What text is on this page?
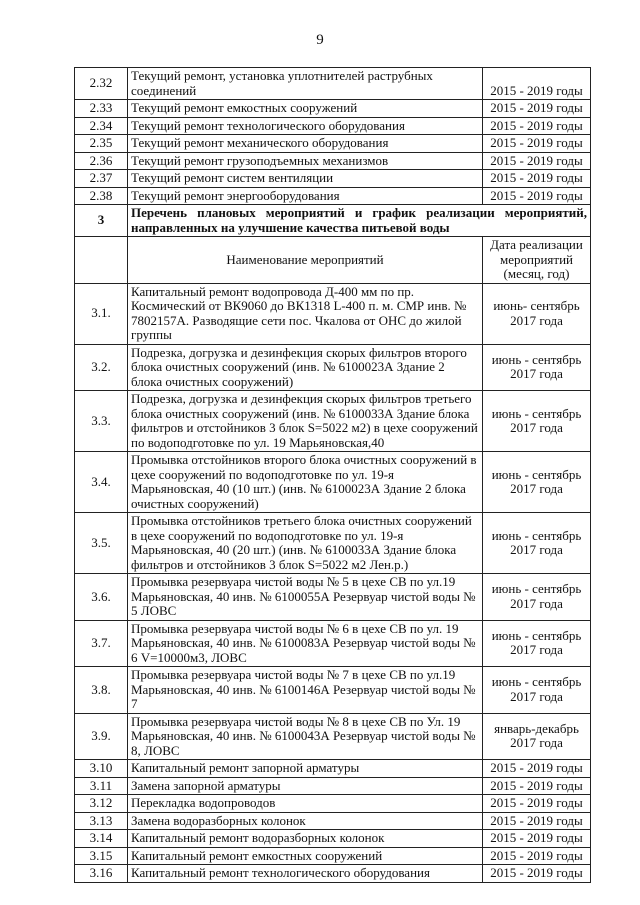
9
2.32	Текущий ремонт, установка уплотнителей раструбных соединений	2015 - 2019 годы
2.33	Текущий ремонт емкостных сооружений	2015 - 2019 годы
2.34	Текущий ремонт технологического оборудования	2015 - 2019 годы
2.35	Текущий ремонт механического оборудования	2015 - 2019 годы
2.36	Текущий ремонт грузоподъемных механизмов	2015 - 2019 годы
2.37	Текущий ремонт систем вентиляции	2015 - 2019 годы
2.38	Текущий ремонт энергооборудования	2015 - 2019 годы
3	Перечень плановых мероприятий и график реализации мероприятий, направленных на улучшение качества питьевой воды	
	Наименование мероприятий	Дата реализации мероприятий (месяц, год)
3.1.	Капитальный ремонт водопровода Д-400 мм по пр. Космический от ВК9060 до ВК1318 L-400 п. м. СМР инв. № 7802157А. Разводящие сети пос. Чкалова от ОНС до жилой группы	июнь- сентябрь 2017 года
3.2.	Подрезка, догрузка и дезинфекция скорых фильтров второго блока очистных сооружений (инв. № 6100023А Здание 2 блока очистных сооружений)	июнь - сентябрь 2017 года
3.3.	Подрезка, догрузка и дезинфекция скорых фильтров третьего блока очистных сооружений (инв. № 6100033А Здание блока фильтров и отстойников 3 блок S=5022 м2) в цехе сооружений по водоподготовке по ул. 19 Марьяновская,40	июнь - сентябрь 2017 года
3.4.	Промывка отстойников второго блока очистных сооружений в цехе сооружений по водоподготовке по ул. 19-я Марьяновская, 40 (10 шт.) (инв. № 6100023А Здание 2 блока очистных сооружений)	июнь - сентябрь 2017 года
3.5.	Промывка отстойников третьего блока очистных сооружений в цехе сооружений по водоподготовке по ул. 19-я Марьяновская, 40 (20 шт.) (инв. № 6100033А Здание блока фильтров и отстойников 3 блок S=5022 м2 Лен.р.)	июнь - сентябрь 2017 года
3.6.	Промывка резервуара чистой воды № 5 в цехе СВ по ул.19 Марьяновская, 40 инв. № 6100055А Резервуар чистой воды № 5 ЛОВС	июнь - сентябрь 2017 года
3.7.	Промывка резервуара чистой воды № 6 в цехе СВ по ул. 19 Марьяновская, 40 инв. № 6100083А Резервуар чистой воды № 6 V=10000м3, ЛОВС	июнь - сентябрь 2017 года
3.8.	Промывка резервуара чистой воды № 7 в цехе СВ по ул.19 Марьяновская, 40 инв. № 6100146А Резервуар чистой воды № 7	июнь - сентябрь 2017 года
3.9.	Промывка резервуара чистой воды № 8 в цехе СВ по Ул. 19 Марьяновская, 40 инв. № 6100043А Резервуар чистой воды № 8, ЛОВС	январь-декабрь 2017 года
3.10	Капитальный ремонт запорной арматуры	2015 - 2019 годы
3.11	Замена запорной арматуры	2015 - 2019 годы
3.12	Перекладка водопроводов	2015 - 2019 годы
3.13	Замена водоразборных колонок	2015 - 2019 годы
3.14	Капитальный ремонт водоразборных колонок	2015 - 2019 годы
3.15	Капитальный ремонт емкостных сооружений	2015 - 2019 годы
3.16	Капитальный ремонт технологического оборудования	2015 - 2019 годы
